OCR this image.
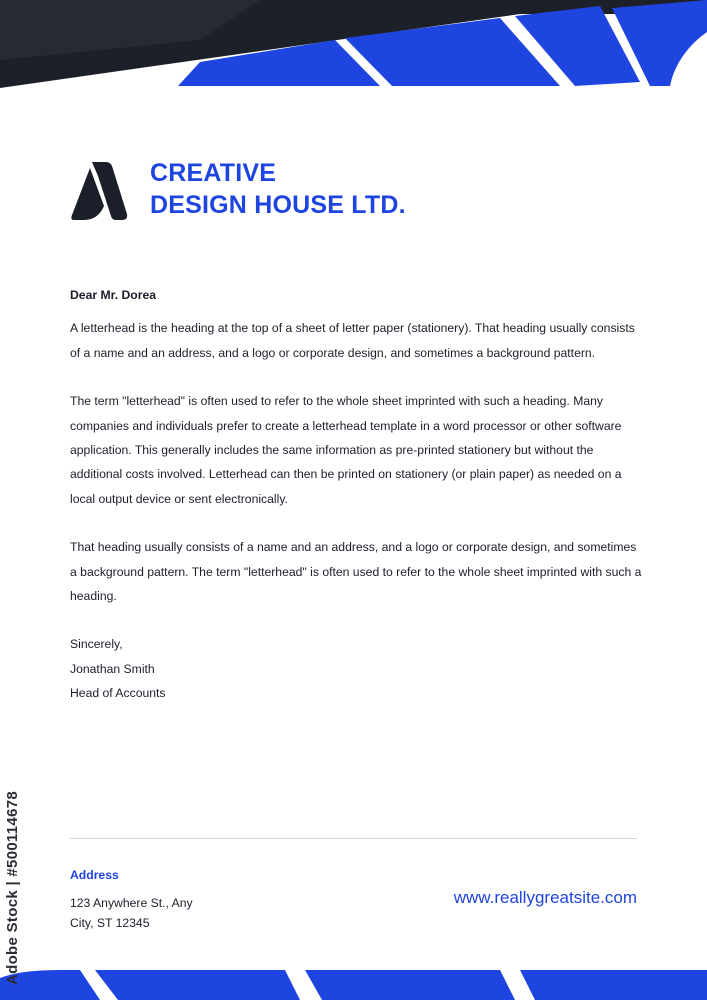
CREATIVE
DESIGN HOUSE LTD.
Dear Mr. Dorea

A letterhead is the heading at the top of a sheet of letter paper (stationery). That heading usually consists of a name and an address, and a logo or corporate design, and sometimes a background pattern.

The term "letterhead" is often used to refer to the whole sheet imprinted with such a heading. Many companies and individuals prefer to create a letterhead template in a word processor or other software application. This generally includes the same information as pre-printed stationery but without the additional costs involved. Letterhead can then be printed on stationery (or plain paper) as needed on a local output device or sent electronically.

That heading usually consists of a name and an address, and a logo or corporate design, and sometimes a background pattern. The term "letterhead" is often used to refer to the whole sheet imprinted with such a heading.

Sincerely,
Jonathan Smith
Head of Accounts
Address
123 Anywhere St., Any
City, ST 12345
www.reallygreatsite.com
Adobe Stock | #500114678
